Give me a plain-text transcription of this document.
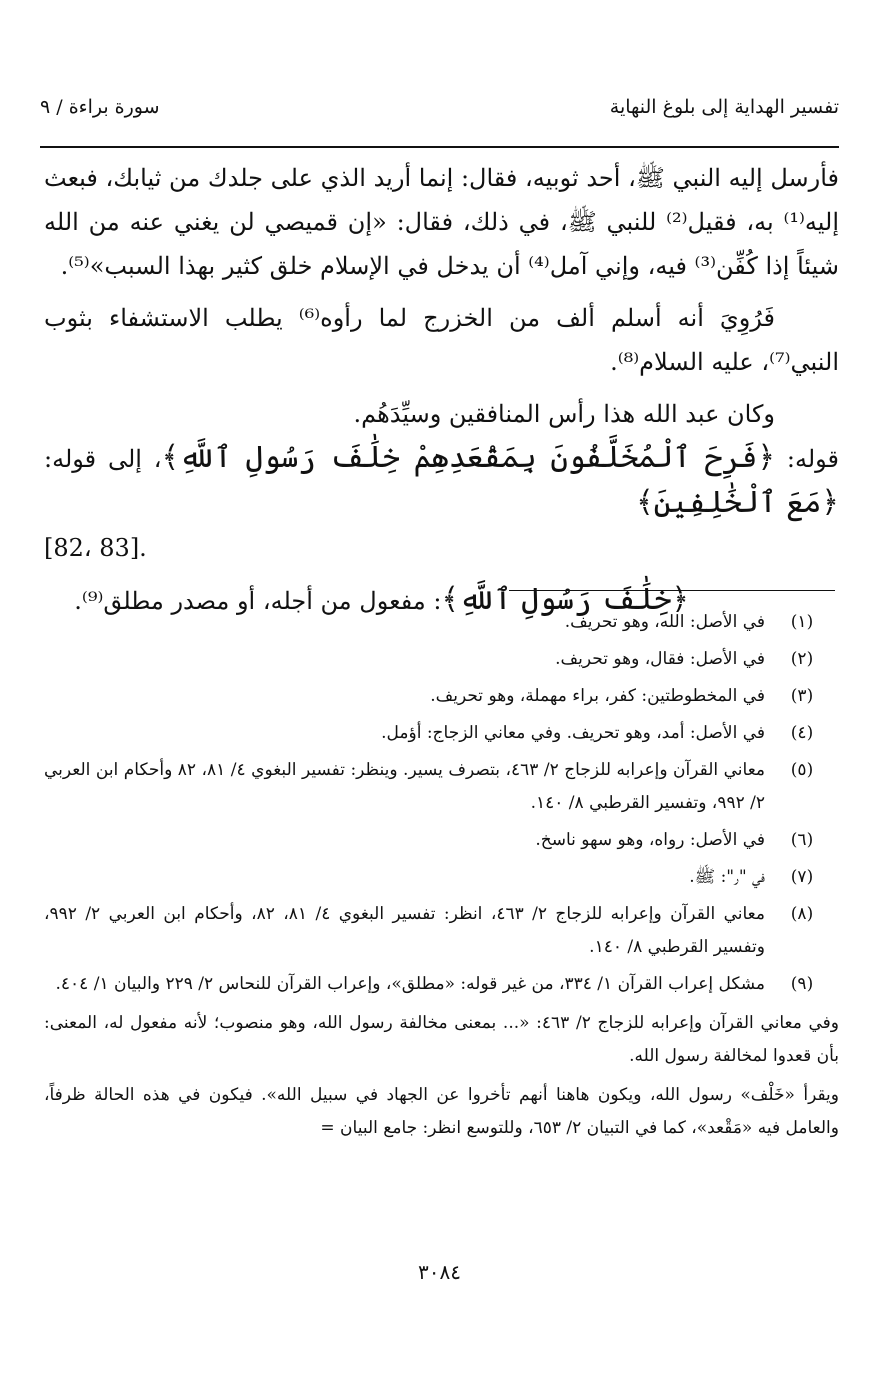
تفسير الهداية إلى بلوغ النهاية
سورة براءة / ٩

فأرسل إليه النبي ﷺ، أحد ثوبيه، فقال: إنما أريد الذي على جلدك من ثيابك، فبعث إليه⁽¹⁾ به، فقيل⁽²⁾ للنبي ﷺ، في ذلك، فقال: «إن قميصي لن يغني عنه من الله شيئاً إذا كُفِّن⁽³⁾ فيه، وإني آمل⁽⁴⁾ أن يدخل في الإسلام خلق كثير بهذا السبب»⁽⁵⁾.

فَرُوِيَ أنه أسلم ألف من الخزرج لما رأوه⁽⁶⁾ يطلب الاستشفاء بثوب النبي⁽⁷⁾، عليه السلام⁽⁸⁾.

وكان عبد الله هذا رأس المنافقين وسيِّدَهُم.

قوله: ﴿فَرِحَ ٱلْمُخَلَّفُونَ بِمَقْعَدِهِمْ خِلَٰفَ رَسُولِ ٱللَّهِ﴾، إلى قوله: ﴿مَعَ ٱلْخَٰلِفِينَ﴾
[82، 83].

﴿خِلَٰفَ رَسُولِ ٱللَّهِ﴾: مفعول من أجله، أو مصدر مطلق⁽⁹⁾.

(١)
في الأصل: الله، وهو تحريف.
(٢)
في الأصل: فقال، وهو تحريف.
(٣)
في المخطوطتين: كفر، براء مهملة، وهو تحريف.
(٤)
في الأصل: أمد، وهو تحريف. وفي معاني الزجاج: أؤمل.
(٥)
معاني القرآن وإعرابه للزجاج ٢/ ٤٦٣، بتصرف يسير. وينظر: تفسير البغوي ٤/ ٨١، ٨٢ وأحكام ابن العربي ٢/ ٩٩٢، وتفسير القرطبي ٨/ ١٤٠.
(٦)
في الأصل: رواه، وهو سهو ناسخ.
(٧)
في "ر": ﷺ.
(٨)
معاني القرآن وإعرابه للزجاج ٢/ ٤٦٣، انظر: تفسير البغوي ٤/ ٨١، ٨٢، وأحكام ابن العربي ٢/ ٩٩٢، وتفسير القرطبي ٨/ ١٤٠.
(٩)
مشكل إعراب القرآن ١/ ٣٣٤، من غير قوله: «مطلق»، وإعراب القرآن للنحاس ٢/ ٢٢٩ والبيان ١/ ٤٠٤.

وفي معاني القرآن وإعرابه للزجاج ٢/ ٤٦٣: «... بمعنى مخالفة رسول الله، وهو منصوب؛ لأنه مفعول له، المعنى: بأن قعدوا لمخالفة رسول الله.

ويقرأ «خَلْف» رسول الله، ويكون هاهنا أنهم تأخروا عن الجهاد في سبيل الله». فيكون في هذه الحالة ظرفاً، والعامل فيه «مَقْعد»، كما في التبيان ٢/ ٦٥٣، وللتوسع انظر: جامع البيان =

٣٠٨٤
